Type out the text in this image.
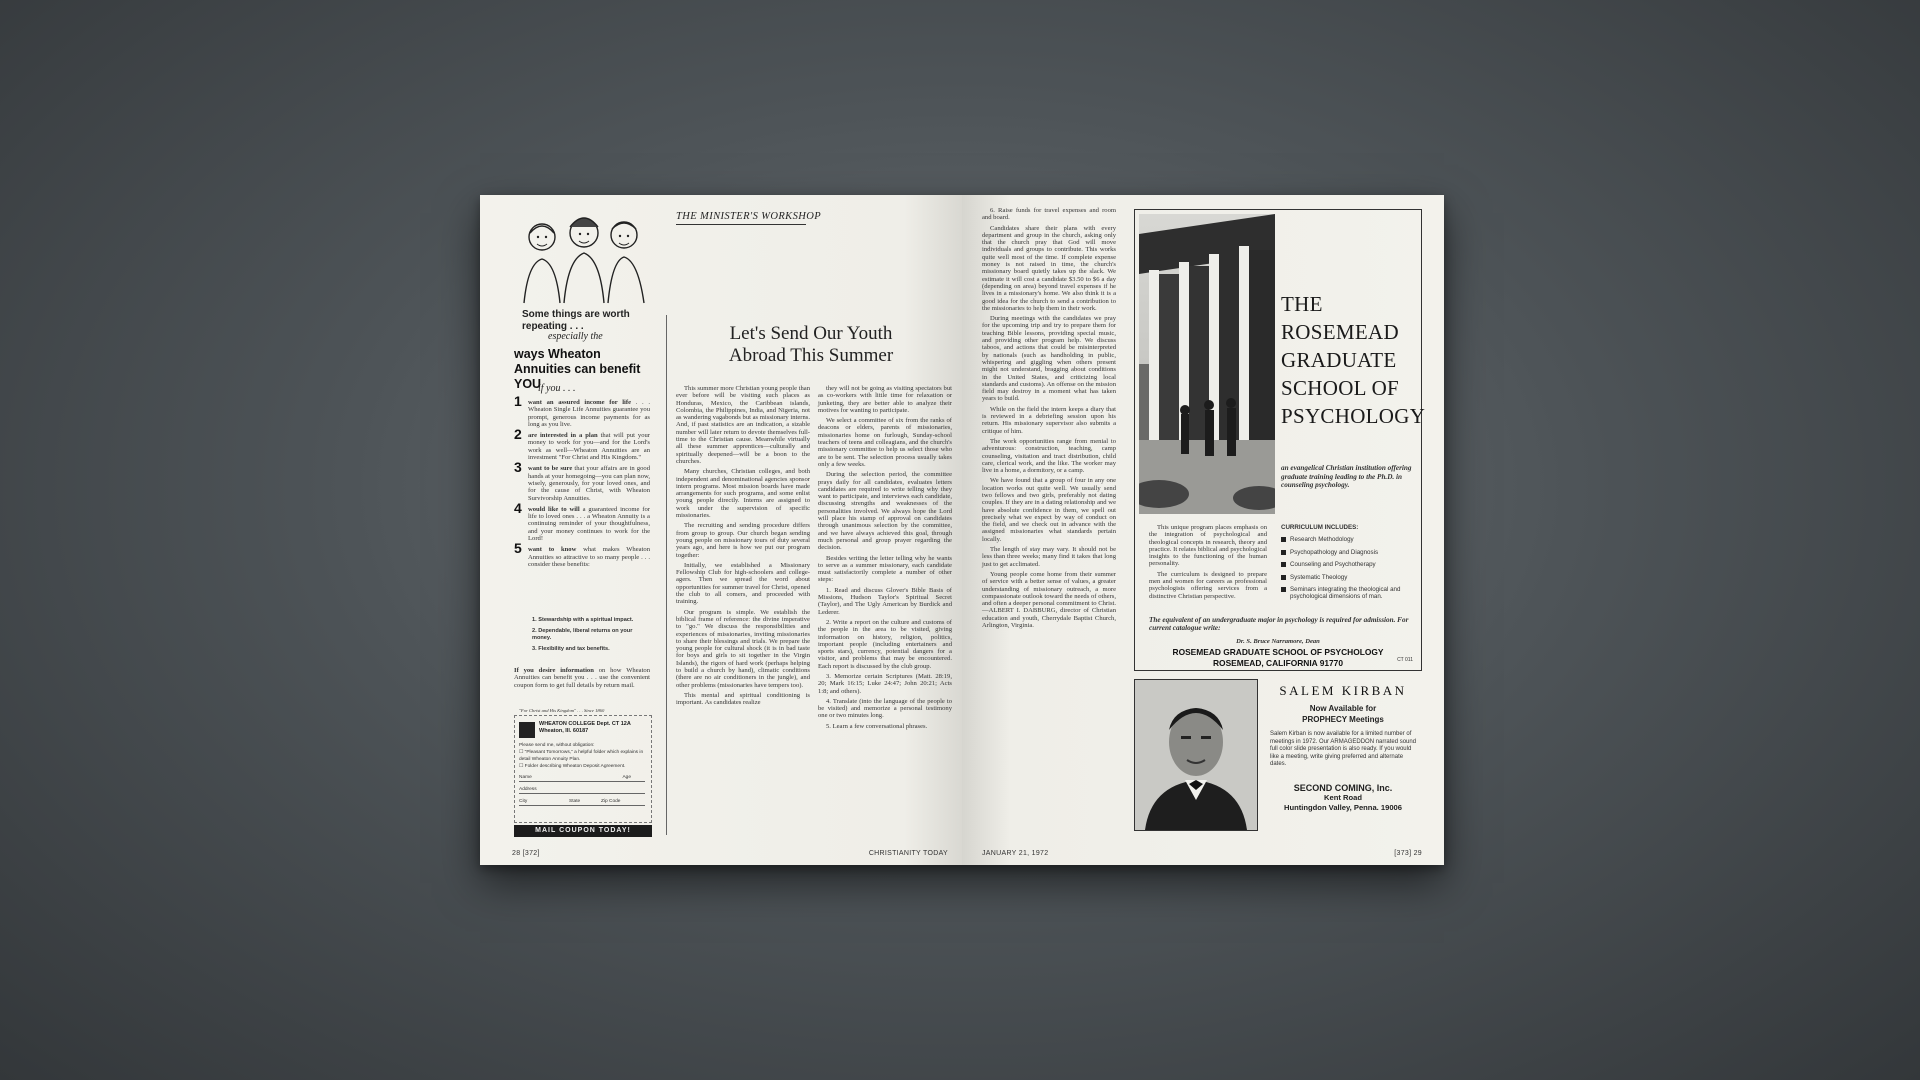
Some things are worth repeating . . .
especially the
ways Wheaton Annuities can benefit YOU
if you . . .
1 want an assured income for life . . . Wheaton Single Life Annuities guarantee you prompt, generous income payments for as long as you live.
2 are interested in a plan that will put your money to work for you—and for the Lord's work as well—Wheaton Annuities are an investment "For Christ and His Kingdom."
3 want to be sure that your affairs are in good hands at your homegoing—you can plan now, wisely, generously, for your loved ones, and for the cause of Christ, with Wheaton Survivorship Annuities.
4 would like to will a guaranteed income for life to loved ones . . . a Wheaton Annuity is a continuing reminder of your thoughtfulness, and your money continues to work for the Lord!
5 want to know what makes Wheaton Annuities so attractive to so many people . . . consider these benefits:
1. Stewardship with a spiritual impact.
2. Dependable, liberal returns on your money.
3. Flexibility and tax benefits.
If you desire information on how Wheaton Annuities can benefit you . . . use the convenient coupon form to get full details by return mail.
"For Christ and His Kingdom" . . . Since 1860
WHEATON COLLEGE Dept. CT 12A
Wheaton, Ill. 60187
Please send me, without obligation:
☐ "Pleasant Tomorrows," a helpful folder which explains in detail Wheaton Annuity Plan.
☐ Folder describing Wheaton Deposit Agreement.
Name	Age
Address
City	State	Zip Code
MAIL COUPON TODAY!
THE MINISTER'S WORKSHOP
Let's Send Our Youth
Abroad This Summer

This summer more Christian young people than ever before will be visiting such places as Honduras, Mexico, the Caribbean islands, Colombia, the Philippines, India, and Nigeria, not as wandering vagabonds but as missionary interns. And, if past statistics are an indication, a sizable number will later return to devote themselves full-time to the Christian cause. Meanwhile virtually all these summer apprentices—culturally and spiritually deepened—will be a boon to the churches.

Many churches, Christian colleges, and both independent and denominational agencies sponsor intern programs. Most mission boards have made arrangements for such programs, and some enlist young people directly. Interns are assigned to work under the supervision of specific missionaries.

The recruiting and sending procedure differs from group to group. Our church began sending young people on missionary tours of duty several years ago, and here is how we put our program together:

Initially, we established a Missionary Fellowship Club for high-schoolers and college-agers. Then we spread the word about opportunities for summer travel for Christ, opened the club to all comers, and proceeded with training.

Our program is simple. We establish the biblical frame of reference: the divine imperative to "go." We discuss the responsibilities and experiences of missionaries, inviting missionaries to share their blessings and trials. We prepare the young people for cultural shock (it is in bad taste for boys and girls to sit together in the Virgin Islands), the rigors of hard work (perhaps helping to build a church by hand), climatic conditions (there are no air conditioners in the jungle), and other problems (missionaries have tempers too).

This mental and spiritual conditioning is important. As candidates realize

they will not be going as visiting spectators but as co-workers with little time for relaxation or junketing, they are better able to analyze their motives for wanting to participate.

We select a committee of six from the ranks of deacons or elders, parents of missionaries, missionaries home on furlough, Sunday-school teachers of teens and colleagians, and the church's missionary committee to help us select those who are to be sent. The selection process usually takes only a few weeks.

During the selection period, the committee prays daily for all candidates, evaluates letters candidates are required to write telling why they want to participate, and interviews each candidate, discussing strengths and weaknesses of the personalities involved. We always hope the Lord will place his stamp of approval on candidates through unanimous selection by the committee, and we have always achieved this goal, through much personal and group prayer regarding the decision.

Besides writing the letter telling why he wants to serve as a summer missionary, each candidate must satisfactorily complete a number of other steps:

1. Read and discuss Glover's Bible Basis of Missions, Hudson Taylor's Spiritual Secret (Taylor), and The Ugly American by Burdick and Lederer.

2. Write a report on the culture and customs of the people in the area to be visited, giving information on history, religion, politics, important people (including entertainers and sports stars), currency, potential dangers for a visitor, and problems that may be encountered. Each report is discussed by the club group.

3. Memorize certain Scriptures (Matt. 28:19, 20; Mark 16:15; Luke 24:47; John 20:21; Acts 1:8; and others).

4. Translate (into the language of the people to be visited) and memorize a personal testimony one or two minutes long.

5. Learn a few conversational phrases.

28 [372]	CHRISTIANITY TODAY

6. Raise funds for travel expenses and room and board.

Candidates share their plans with every department and group in the church, asking only that the church pray that God will move individuals and groups to contribute. This works quite well most of the time. If complete expense money is not raised in time, the church's missionary board quietly takes up the slack. We estimate it will cost a candidate $3.50 to $6 a day (depending on area) beyond travel expenses if he lives in a missionary's home. We also think it is a good idea for the church to send a contribution to the missionaries to help them in their work.

During meetings with the candidates we pray for the upcoming trip and try to prepare them for teaching Bible lessons, providing special music, and providing other program help. We discuss taboos, and actions that could be misinterpreted by nationals (such as handholding in public, whispering and giggling when others present might not understand, bragging about conditions in the United States, and criticizing local standards and customs). An offense on the mission field may destroy in a moment what has taken years to build.

While on the field the intern keeps a diary that is reviewed in a debriefing session upon his return. His missionary supervisor also submits a critique of him.

The work opportunities range from menial to adventurous: construction, teaching, camp counseling, visitation and tract distribution, child care, clerical work, and the like. The worker may live in a home, a dormitory, or a camp.

We have found that a group of four in any one location works out quite well. We usually send two fellows and two girls, preferably not dating couples. If they are in a dating relationship and we have absolute confidence in them, we spell out precisely what we expect by way of conduct on the field, and we check out in advance with the assigned missionaries what standards pertain locally.

The length of stay may vary. It should not be less than three weeks; many find it takes that long just to get acclimated.

Young people come home from their summer of service with a better sense of values, a greater understanding of missionary outreach, a more compassionate outlook toward the needs of others, and often a deeper personal commitment to Christ.—ALBERT I. DABBURG, director of Christian education and youth, Cherrydale Baptist Church, Arlington, Virginia.

THE
ROSEMEAD
GRADUATE
SCHOOL OF
PSYCHOLOGY
an evangelical Christian institution offering graduate training leading to the Ph.D. in counseling psychology.

This unique program places emphasis on the integration of psychological and theological concepts in research, theory and practice. It relates biblical and psychological insights to the functioning of the human personality.

The curriculum is designed to prepare men and women for careers as professional psychologists offering services from a distinctive Christian perspective.

CURRICULUM INCLUDES:
Research Methodology
Psychopathology and Diagnosis
Counseling and Psychotherapy
Systematic Theology
Seminars integrating the theological and psychological dimensions of man.
The equivalent of an undergraduate major in psychology is required for admission. For current catalogue write:
Dr. S. Bruce Narramore, Dean
ROSEMEAD GRADUATE SCHOOL OF PSYCHOLOGY
ROSEMEAD, CALIFORNIA 91770	CT 011
SALEM KIRBAN
Now Available for
PROPHECY Meetings
Salem Kirban is now available for a limited number of meetings in 1972. Our ARMAGEDDON narrated sound full color slide presentation is also ready. If you would like a meeting, write giving preferred and alternate dates.
SECOND COMING, Inc.
Kent Road
Huntingdon Valley, Penna. 19006
JANUARY 21, 1972	[373] 29
